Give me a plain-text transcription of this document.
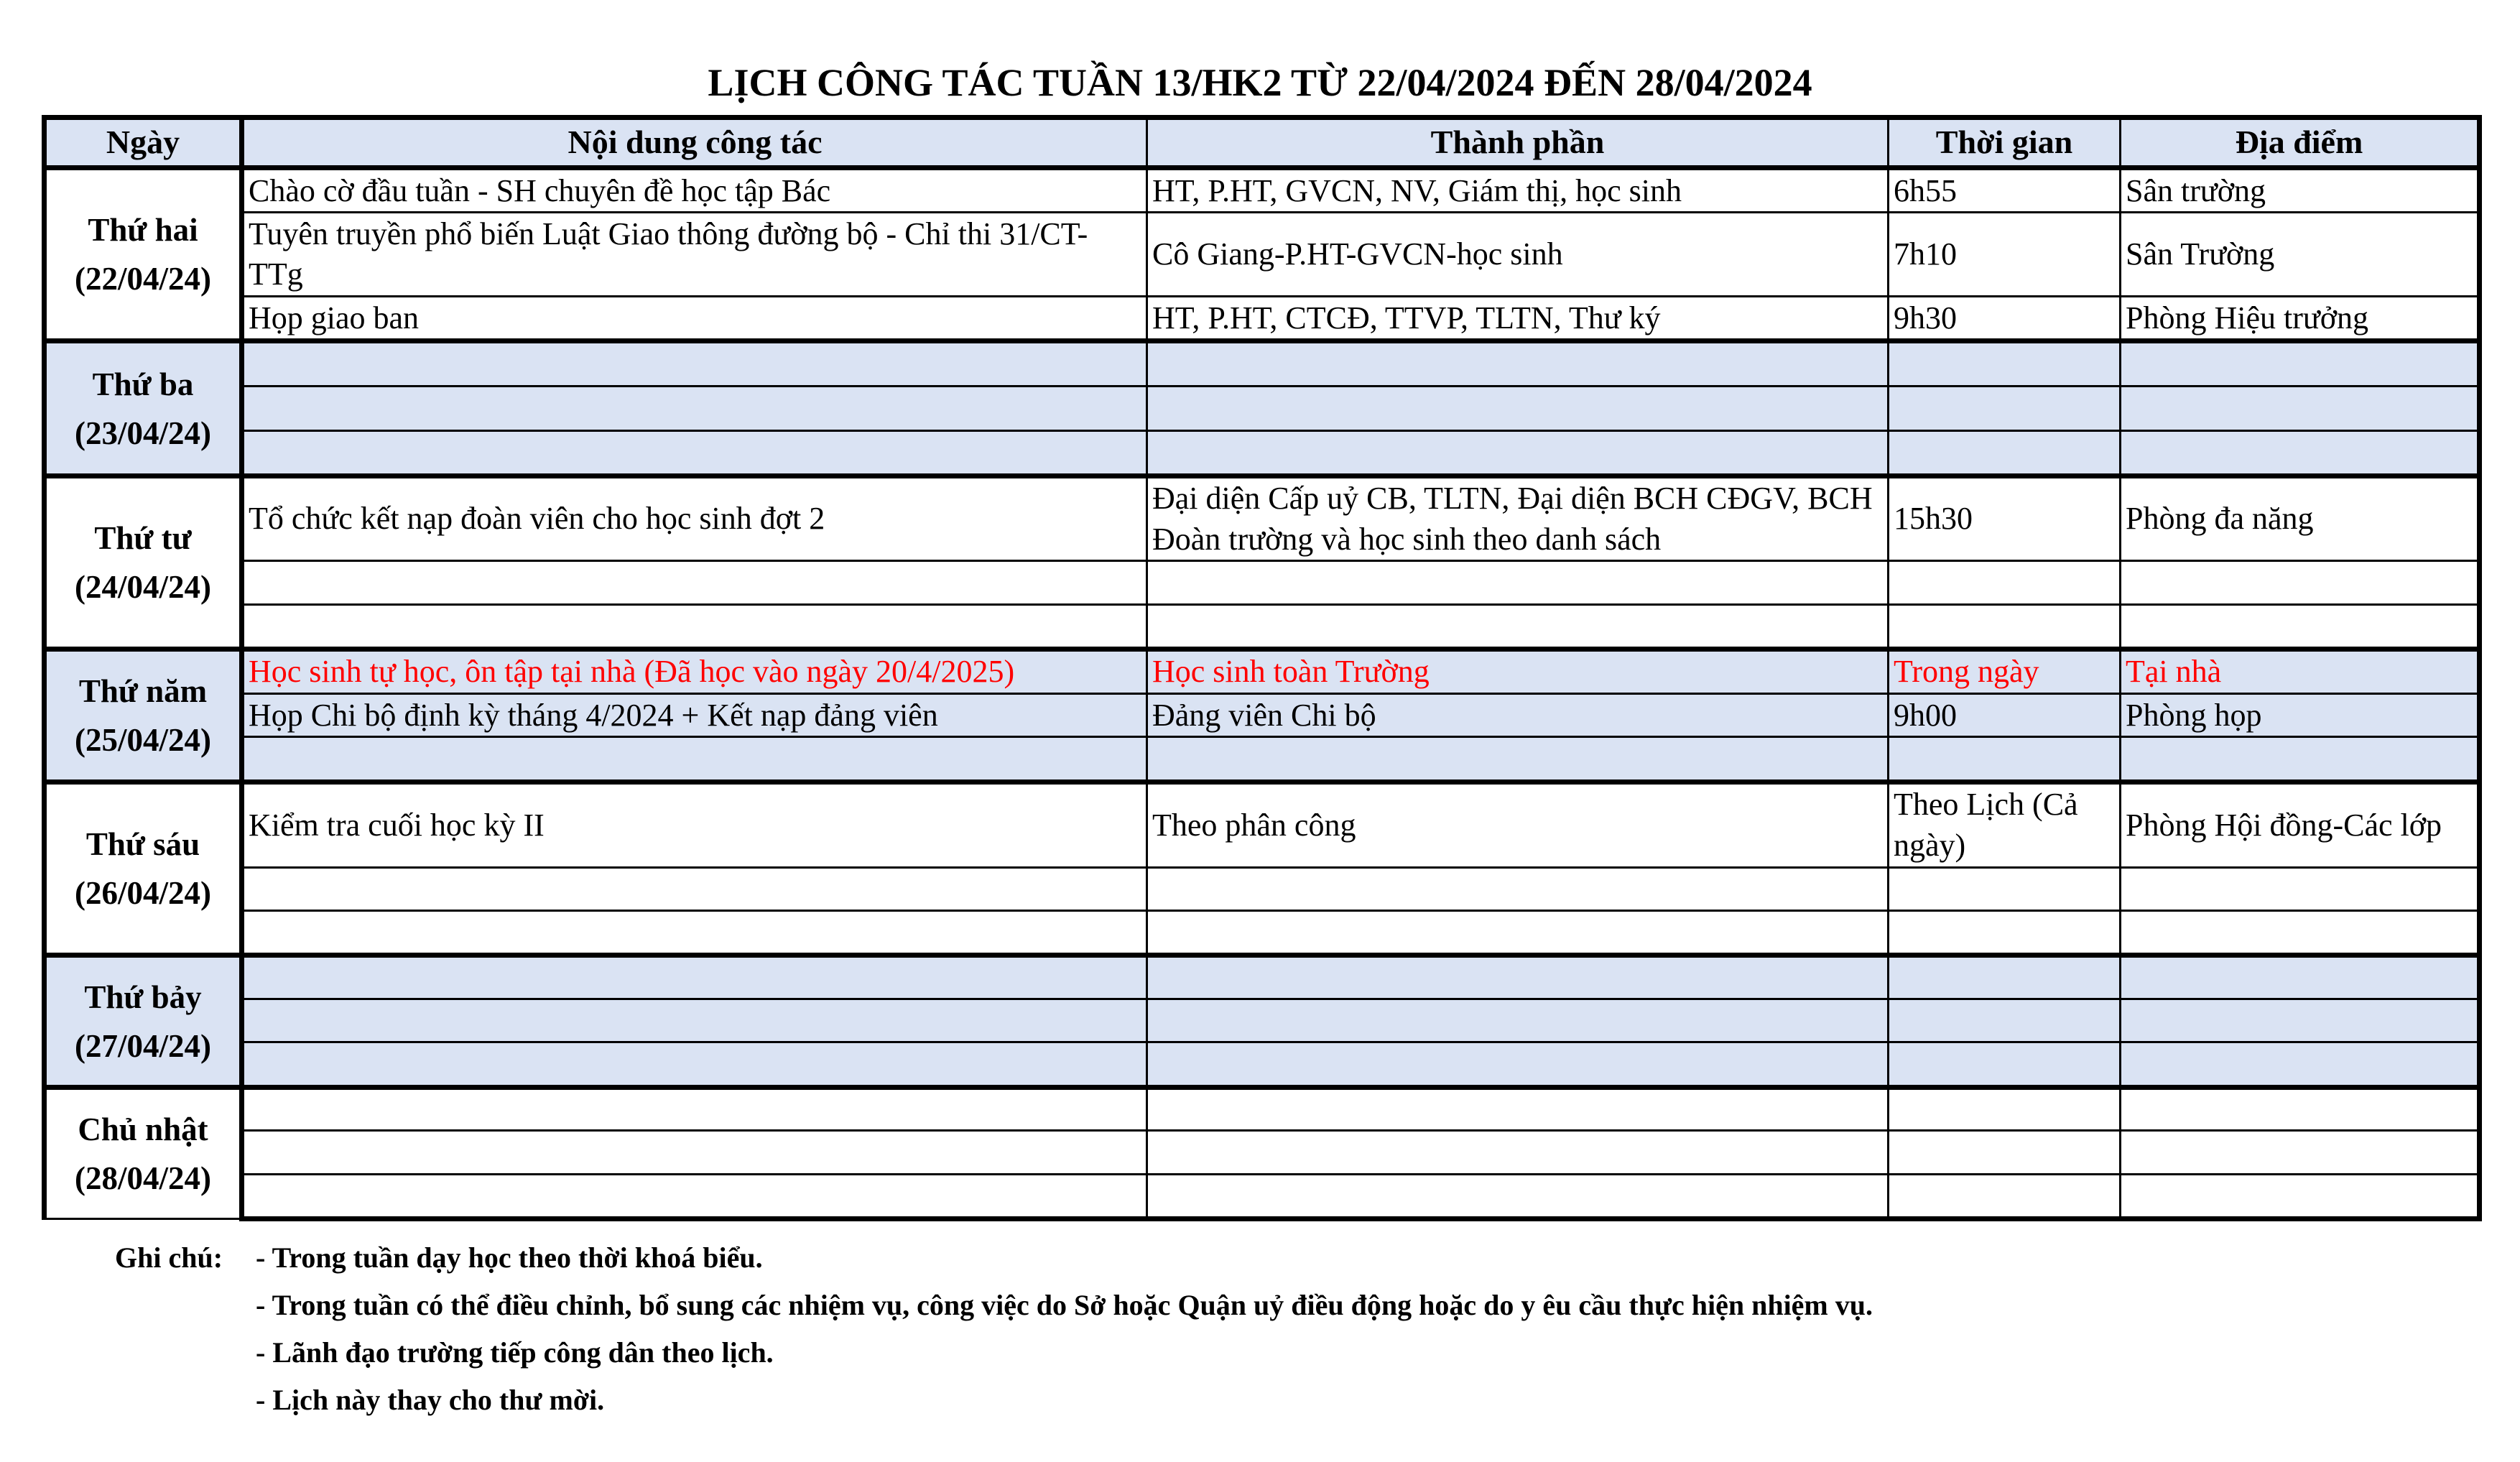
LỊCH CÔNG TÁC TUẦN 13/HK2 TỪ 22/04/2024 ĐẾN 28/04/2024
Ngày	Nội dung công tác	Thành phần	Thời gian	Địa điểm

Thứ hai
(22/04/24)	Chào cờ đầu tuần - SH chuyên đề học tập Bác	HT, P.HT, GVCN, NV, Giám thị, học sinh	6h55	Sân trường
	Tuyên truyền phổ biến Luật Giao thông đường bộ - Chỉ thi 31/CT-TTg	Cô Giang-P.HT-GVCN-học sinh	7h10	Sân Trường
	Họp giao ban	HT, P.HT, CTCĐ, TTVP, TLTN, Thư ký	9h30	Phòng Hiệu trưởng

Thứ ba
(23/04/24)				

Thứ tư
(24/04/24)	Tổ chức kết nạp đoàn viên cho học sinh đợt 2	Đại diện Cấp uỷ CB, TLTN, Đại diện BCH CĐGV, BCH Đoàn trường và học sinh theo danh sách	15h30	Phòng đa năng

Thứ năm
(25/04/24)	Học sinh tự học, ôn tập tại nhà (Đã học vào ngày 20/4/2025)	Học sinh toàn Trường	Trong ngày	Tại nhà
	Họp Chi bộ định kỳ tháng 4/2024 + Kết nạp đảng viên	Đảng viên Chi bộ	9h00	Phòng họp

Thứ sáu
(26/04/24)	Kiểm tra cuối học kỳ II	Theo phân công	Theo Lịch (Cả ngày)	Phòng Hội đồng-Các lớp

Thứ bảy
(27/04/24)				

Chủ nhật
(28/04/24)				

Ghi chú:	- Trong tuần dạy học theo thời khoá biểu.
- Trong tuần có thể điều chỉnh, bổ sung các nhiệm vụ, công việc do Sở hoặc Quận uỷ điều động hoặc do y êu cầu thực hiện nhiệm vụ.
- Lãnh đạo trường tiếp công dân theo lịch.
- Lịch này thay cho thư mời.
